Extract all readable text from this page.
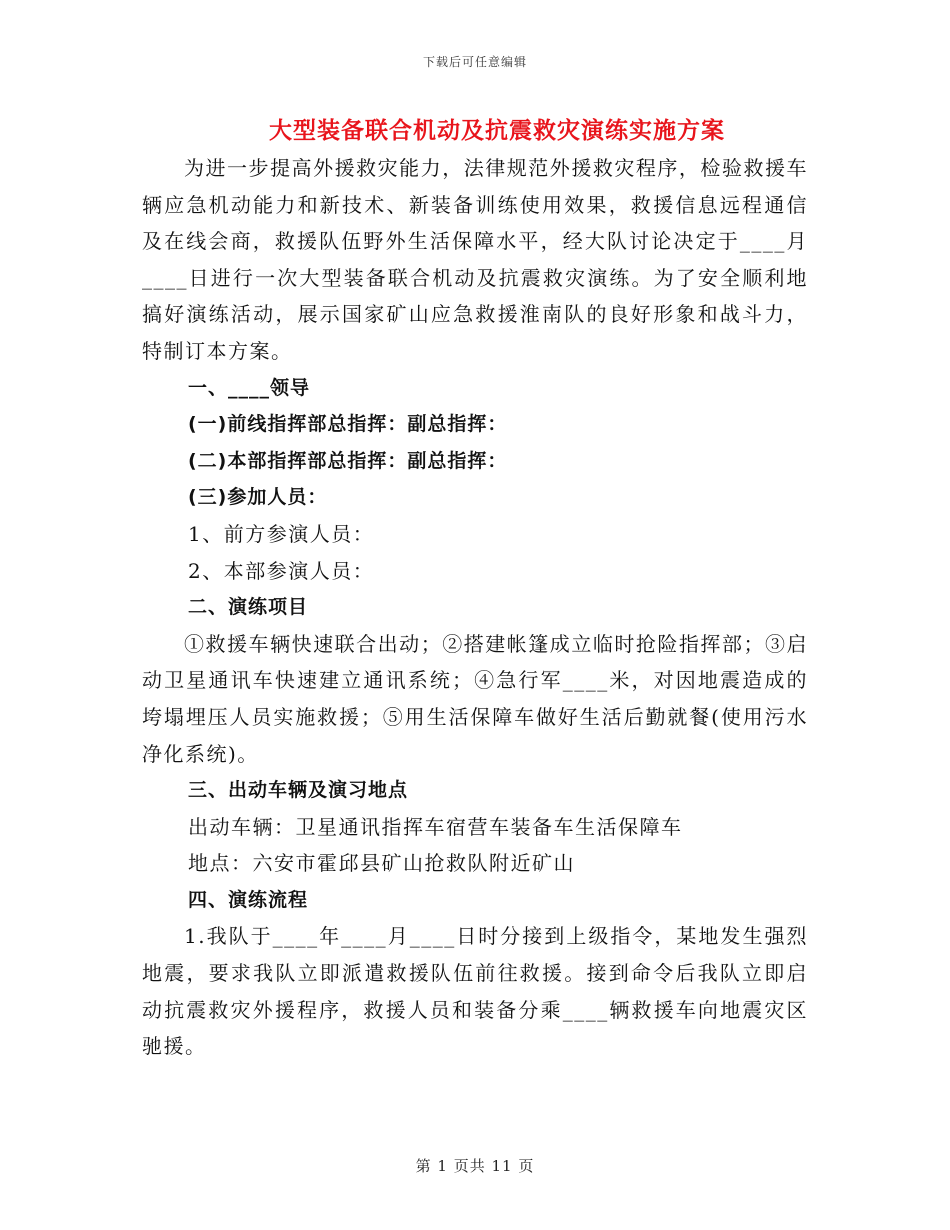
下载后可任意编辑
大型装备联合机动及抗震救灾演练实施方案

为进一步提高外援救灾能力，法律规范外援救灾程序，检验救援车辆应急机动能力和新技术、新装备训练使用效果，救援信息远程通信及在线会商，救援队伍野外生活保障水平，经大队讨论决定于____月____日进行一次大型装备联合机动及抗震救灾演练。为了安全顺利地搞好演练活动，展示国家矿山应急救援淮南队的良好形象和战斗力，特制订本方案。

一、____领导

(一)前线指挥部总指挥：副总指挥：

(二)本部指挥部总指挥：副总指挥：

(三)参加人员：

1、前方参演人员：

2、本部参演人员：

二、演练项目

①救援车辆快速联合出动；②搭建帐篷成立临时抢险指挥部；③启动卫星通讯车快速建立通讯系统；④急行军____米，对因地震造成的垮塌埋压人员实施救援；⑤用生活保障车做好生活后勤就餐(使用污水净化系统)。

三、出动车辆及演习地点

出动车辆：卫星通讯指挥车宿营车装备车生活保障车

地点：六安市霍邱县矿山抢救队附近矿山

四、演练流程

1.我队于____年____月____日时分接到上级指令，某地发生强烈地震，要求我队立即派遣救援队伍前往救援。接到命令后我队立即启动抗震救灾外援程序，救援人员和装备分乘____辆救援车向地震灾区驰援。

第 1 页共 11 页
